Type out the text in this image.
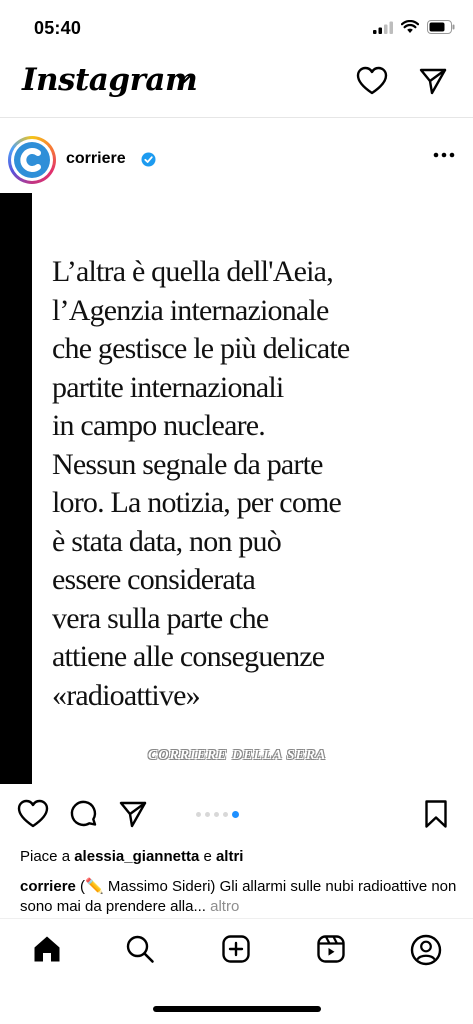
05:40
Instagram
corriere
L’altra è quella dell'Aeia,
l’Agenzia internazionale
che gestisce le più delicate
partite internazionali
in campo nucleare.
Nessun segnale da parte
loro. La notizia, per come
è stata data, non può
essere considerata
vera sulla parte che
attiene alle conseguenze
«radioattive»
CORRIERE DELLA SERA
Piace a alessia_giannetta e altri
corriere (✏️ Massimo Sideri) Gli allarmi sulle nubi radioattive non sono mai da prendere alla... altro
